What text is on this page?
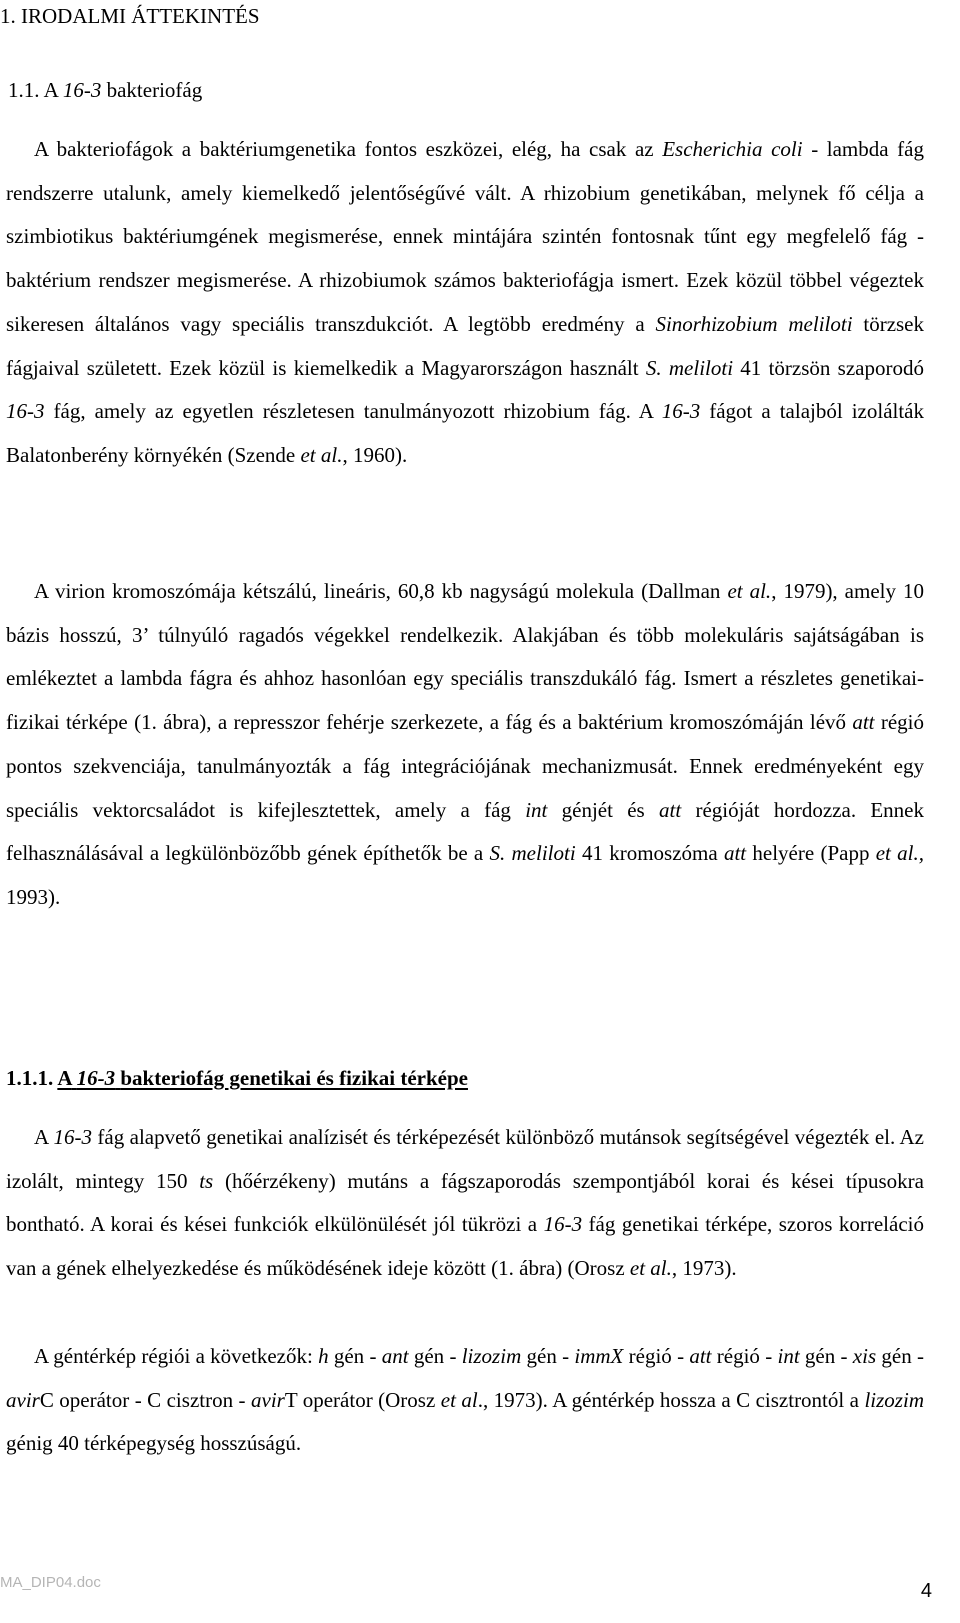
1. IRODALMI ÁTTEKINTÉS
1.1. A 16-3 bakteriofág

A bakteriofágok a baktériumgenetika fontos eszközei, elég, ha csak az Escherichia coli - lambda fág rendszerre utalunk, amely kiemelkedő jelentőségűvé vált. A rhizobium genetikában, melynek fő célja a szimbiotikus baktériumgének megismerése, ennek mintájára szintén fontosnak tűnt egy megfelelő fág - baktérium rendszer megismerése. A rhizobiumok számos bakteriofágja ismert. Ezek közül többel végeztek sikeresen általános vagy speciális transzdukciót. A legtöbb eredmény a Sinorhizobium meliloti törzsek fágjaival született. Ezek közül is kiemelkedik a Magyarországon használt S. meliloti 41 törzsön szaporodó 16-3 fág, amely az egyetlen részletesen tanulmányozott rhizobium fág. A 16-3 fágot a talajból izolálták Balatonberény környékén (Szende et al., 1960).

A virion kromoszómája kétszálú, lineáris, 60,8 kb nagyságú molekula (Dallman et al., 1979), amely 10 bázis hosszú, 3’ túlnyúló ragadós végekkel rendelkezik. Alakjában és több molekuláris sajátságában is emlékeztet a lambda fágra és ahhoz hasonlóan egy speciális transzdukáló fág. Ismert a részletes genetikai-fizikai térképe (1. ábra), a represszor fehérje szerkezete, a fág és a baktérium kromoszómáján lévő att régió pontos szekvenciája, tanulmányozták a fág integrációjának mechanizmusát. Ennek eredményeként egy speciális vektorcsaládot is kifejlesztettek, amely a fág int génjét és att régióját hordozza. Ennek felhasználásával a legkülönbözőbb gének építhetők be a S. meliloti 41 kromoszóma att helyére (Papp et al., 1993).

1.1.1. A 16-3 bakteriofág genetikai és fizikai térképe

A 16-3 fág alapvető genetikai analízisét és térképezését különböző mutánsok segítségével végezték el. Az izolált, mintegy 150 ts (hőérzékeny) mutáns a fágszaporodás szempontjából korai és kései típusokra bontható. A korai és kései funkciók elkülönülését jól tükrözi a 16-3 fág genetikai térképe, szoros korreláció van a gének elhelyezkedése és működésének ideje között (1. ábra) (Orosz et al., 1973).

A géntérkép régiói a következők: h gén - ant gén - lizozim gén - immX régió - att régió - int gén - xis gén - avirC operátor - C cisztron - avirT operátor (Orosz et al., 1973). A géntérkép hossza a C cisztrontól a lizozim génig 40 térképegység hosszúságú.

MA_DIP04.doc	4
